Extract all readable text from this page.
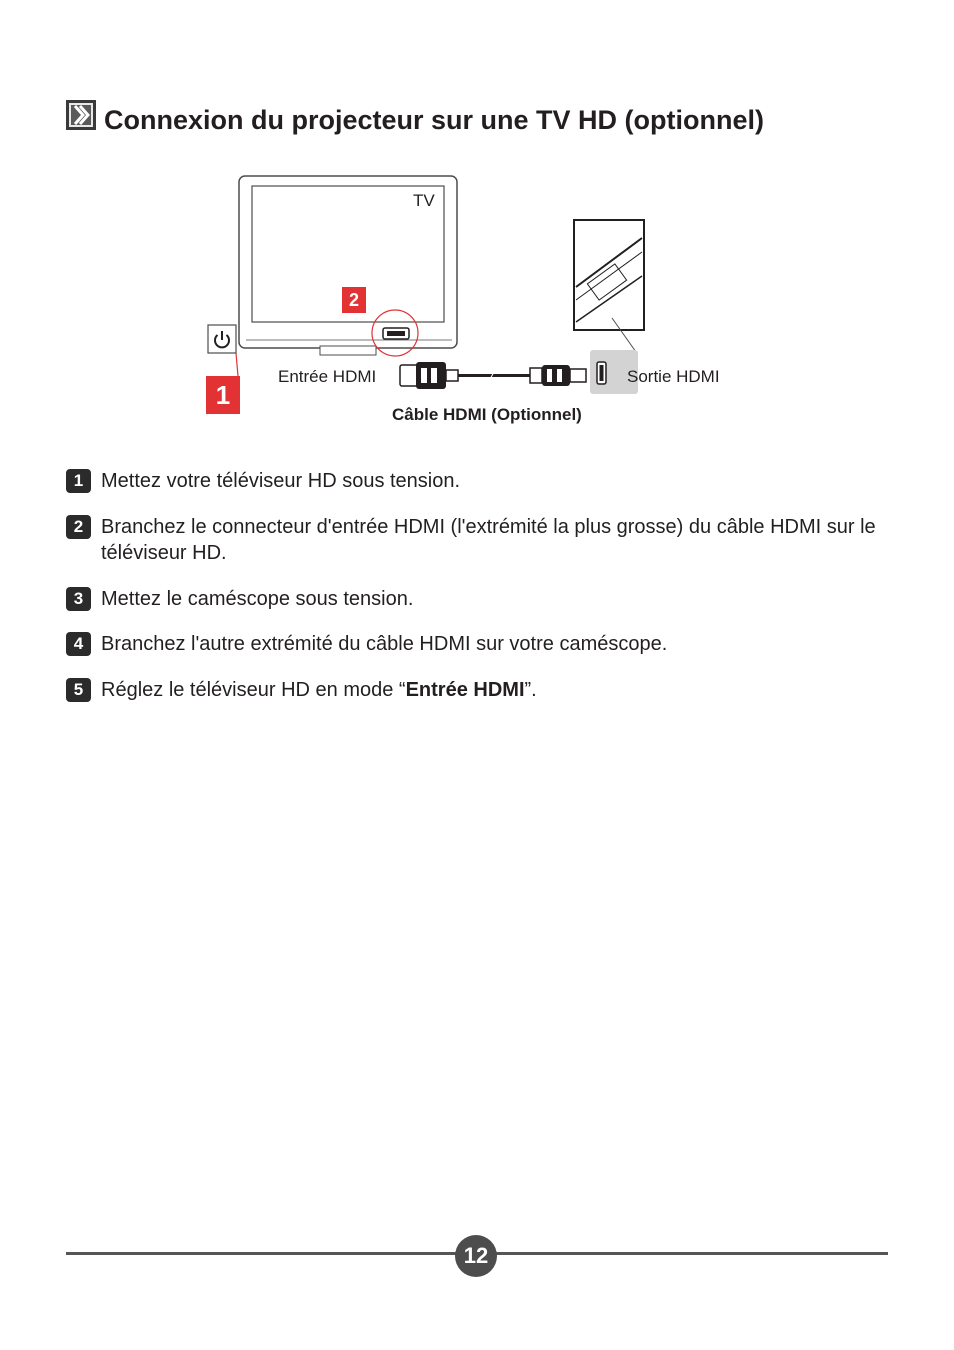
Connexion du projecteur sur une TV HD (optionnel)
TV
2
1
Entrée HDMI	Sortie HDMI
Câble HDMI (Optionnel)
1 Mettez votre téléviseur HD sous tension.
2 Branchez le connecteur d'entrée HDMI (l'extrémité la plus grosse) du câble HDMI sur le téléviseur HD.
3 Mettez le caméscope sous tension.
4 Branchez l'autre extrémité du câble HDMI sur votre caméscope.
5 Réglez le téléviseur HD en mode “Entrée HDMI”.
12
